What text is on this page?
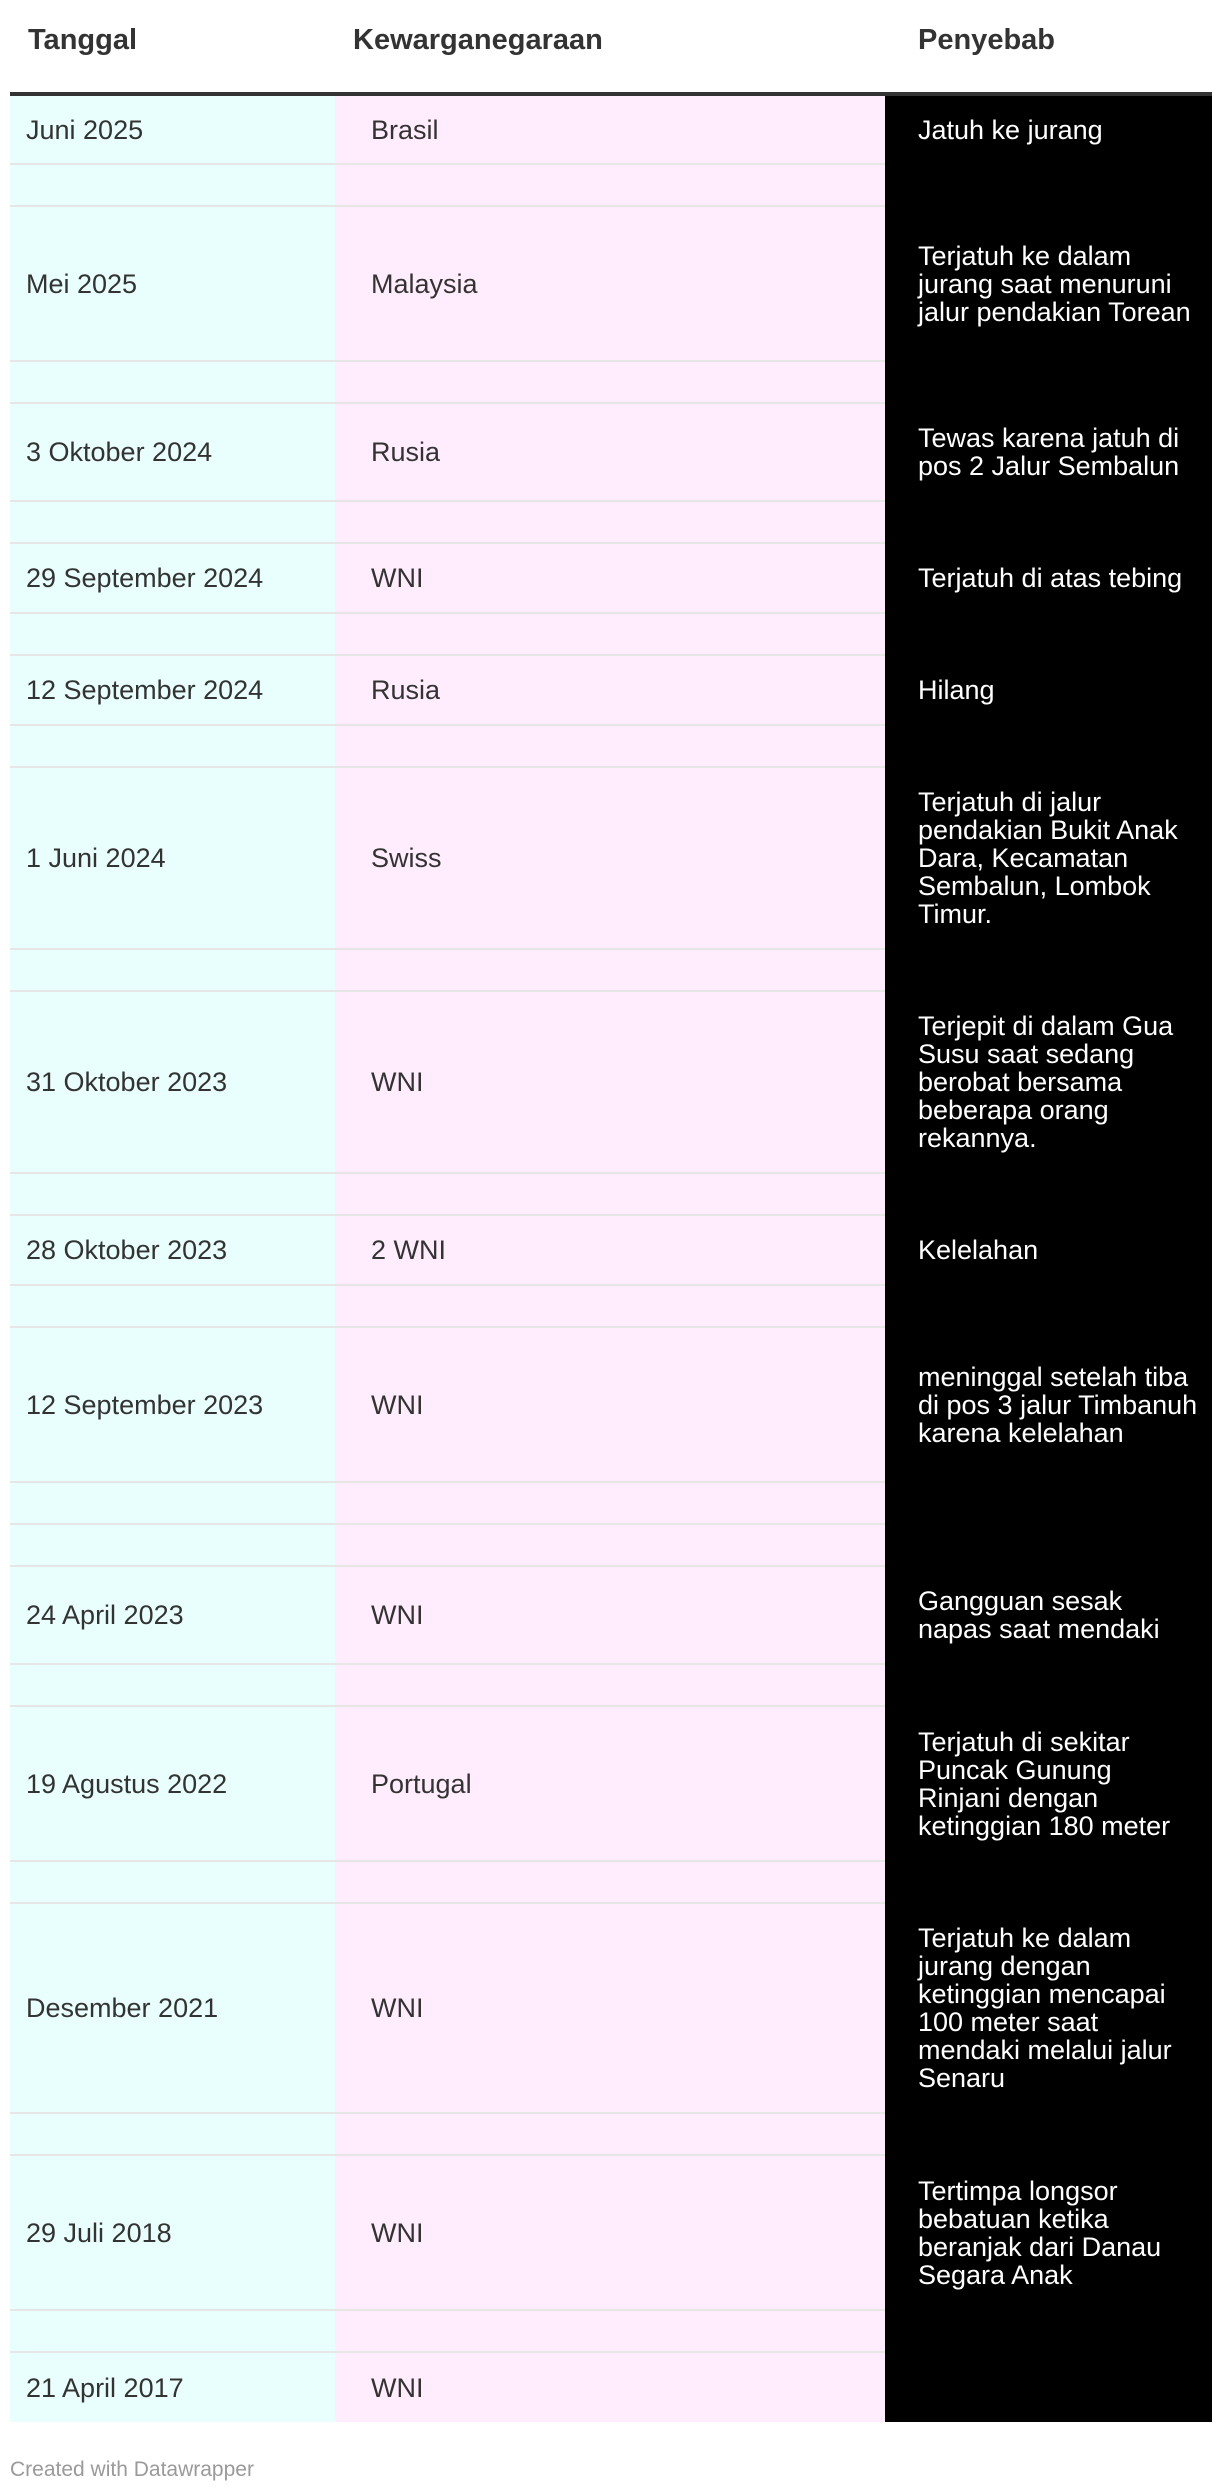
Tanggal	Kewarganegaraan	Penyebab
Juni 2025	Brasil	Jatuh ke jurang

Mei 2025	Malaysia	Terjatuh ke dalam jurang saat menuruni jalur pendakian Torean

3 Oktober 2024	Rusia	Tewas karena jatuh di pos 2 Jalur Sembalun

29 September 2024	WNI	Terjatuh di atas tebing

12 September 2024	Rusia	Hilang

1 Juni 2024	Swiss	Terjatuh di jalur pendakian Bukit Anak Dara, Kecamatan Sembalun, Lombok Timur.

31 Oktober 2023	WNI	Terjepit di dalam Gua Susu saat sedang berobat bersama beberapa orang rekannya.

28 Oktober 2023	2 WNI	Kelelahan

12 September 2023	WNI	meninggal setelah tiba di pos 3 jalur Timbanuh karena kelelahan

24 April 2023	WNI	Gangguan sesak napas saat mendaki

19 Agustus 2022	Portugal	Terjatuh di sekitar Puncak Gunung Rinjani dengan ketinggian 180 meter

Desember 2021	WNI	Terjatuh ke dalam jurang dengan ketinggian mencapai 100 meter saat mendaki melalui jalur Senaru

29 Juli 2018	WNI	Tertimpa longsor bebatuan ketika beranjak dari Danau Segara Anak

21 April 2017	WNI	
Created with Datawrapper
